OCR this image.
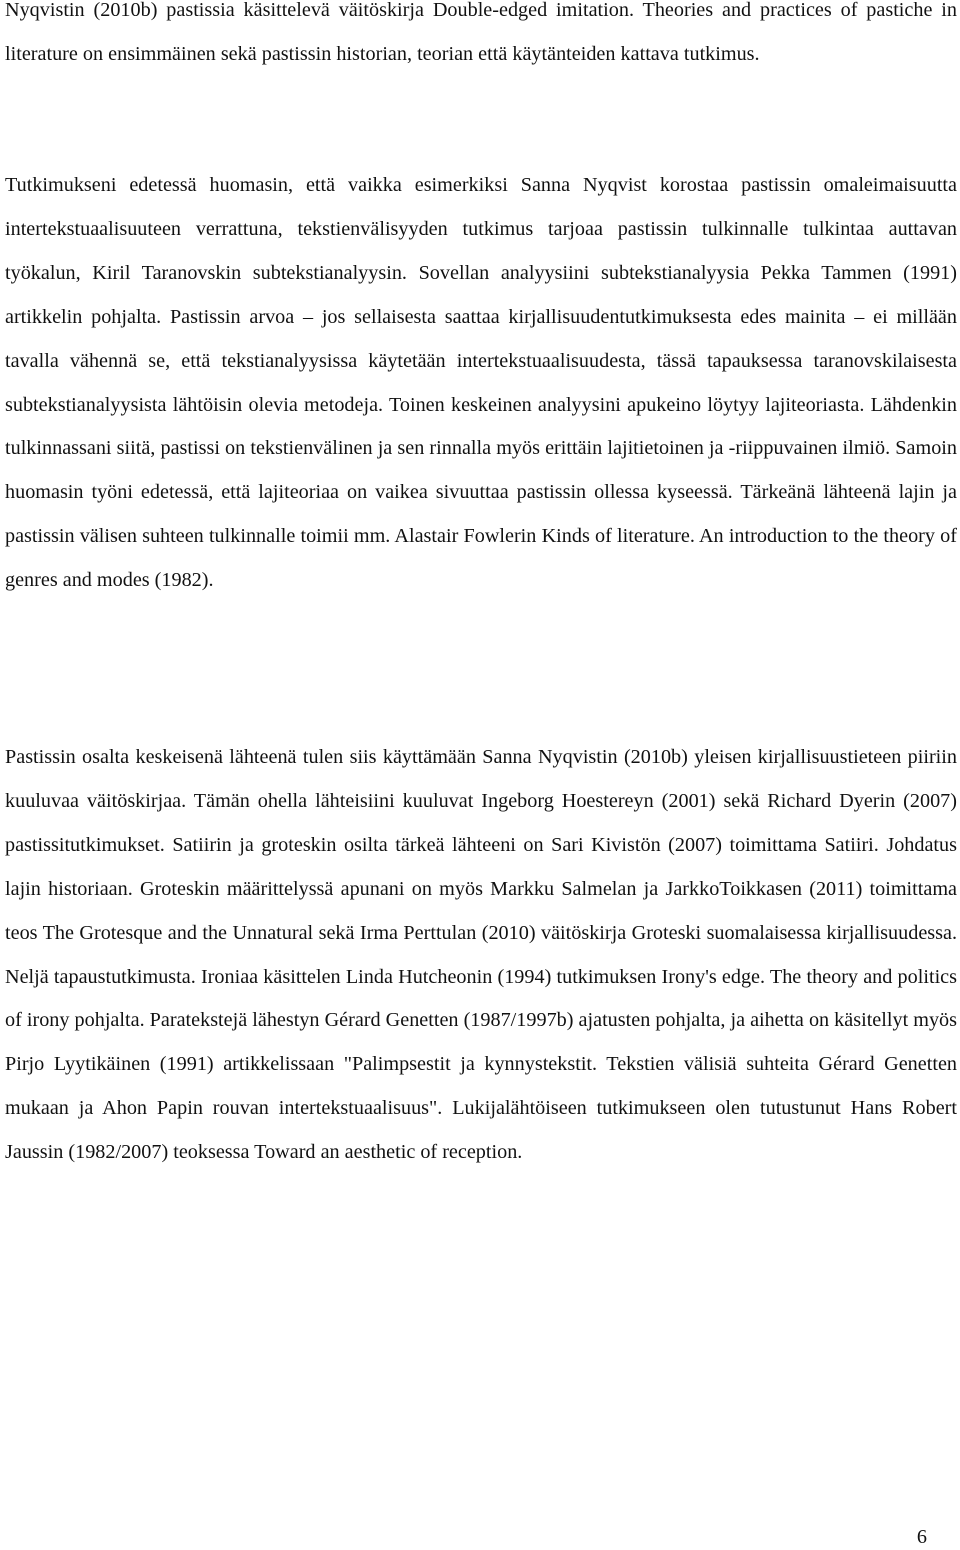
Nyqvistin (2010b) pastissia käsittelevä väitöskirja Double-edged imitation. Theories and practices of pastiche in literature on ensimmäinen sekä pastissin historian, teorian että käytänteiden kattava tutkimus.

Tutkimukseni edetessä huomasin, että vaikka esimerkiksi Sanna Nyqvist korostaa pastissin omaleimaisuutta intertekstuaalisuuteen verrattuna, tekstienvälisyyden tutkimus tarjoaa pastissin tulkinnalle tulkintaa auttavan työkalun, Kiril Taranovskin subtekstianalyysin. Sovellan analyysiini subtekstianalyysia Pekka Tammen (1991) artikkelin pohjalta. Pastissin arvoa – jos sellaisesta saattaa kirjallisuudentutkimuksesta edes mainita – ei millään tavalla vähennä se, että tekstianalyysissa käytetään intertekstuaalisuudesta, tässä tapauksessa taranovskilaisesta subtekstianalyysista lähtöisin olevia metodeja. Toinen keskeinen analyysini apukeino löytyy lajiteoriasta. Lähdenkin tulkinnassani siitä, pastissi on tekstienvälinen ja sen rinnalla myös erittäin lajitietoinen ja -riippuvainen ilmiö. Samoin huomasin työni edetessä, että lajiteoriaa on vaikea sivuuttaa pastissin ollessa kyseessä. Tärkeänä lähteenä lajin ja pastissin välisen suhteen tulkinnalle toimii mm. Alastair Fowlerin Kinds of literature. An introduction to the theory of genres and modes (1982).

Pastissin osalta keskeisenä lähteenä tulen siis käyttämään Sanna Nyqvistin (2010b) yleisen kirjallisuustieteen piiriin kuuluvaa väitöskirjaa. Tämän ohella lähteisiini kuuluvat Ingeborg Hoestereyn (2001) sekä Richard Dyerin (2007) pastissitutkimukset. Satiirin ja groteskin osilta tärkeä lähteeni on Sari Kivistön (2007) toimittama Satiiri. Johdatus lajin historiaan. Groteskin määrittelyssä apunani on myös Markku Salmelan ja JarkkoToikkasen (2011) toimittama teos The Grotesque and the Unnatural sekä Irma Perttulan (2010) väitöskirja Groteski suomalaisessa kirjallisuudessa. Neljä tapaustutkimusta. Ironiaa käsittelen Linda Hutcheonin (1994) tutkimuksen Irony's edge. The theory and politics of irony pohjalta. Paratekstejä lähestyn Gérard Genetten (1987/1997b) ajatusten pohjalta, ja aihetta on käsitellyt myös Pirjo Lyytikäinen (1991) artikkelissaan "Palimpsestit ja kynnystekstit. Tekstien välisiä suhteita Gérard Genetten mukaan ja Ahon Papin rouvan intertekstuaalisuus". Lukijalähtöiseen tutkimukseen olen tutustunut Hans Robert Jaussin (1982/2007) teoksessa Toward an aesthetic of reception.

6
